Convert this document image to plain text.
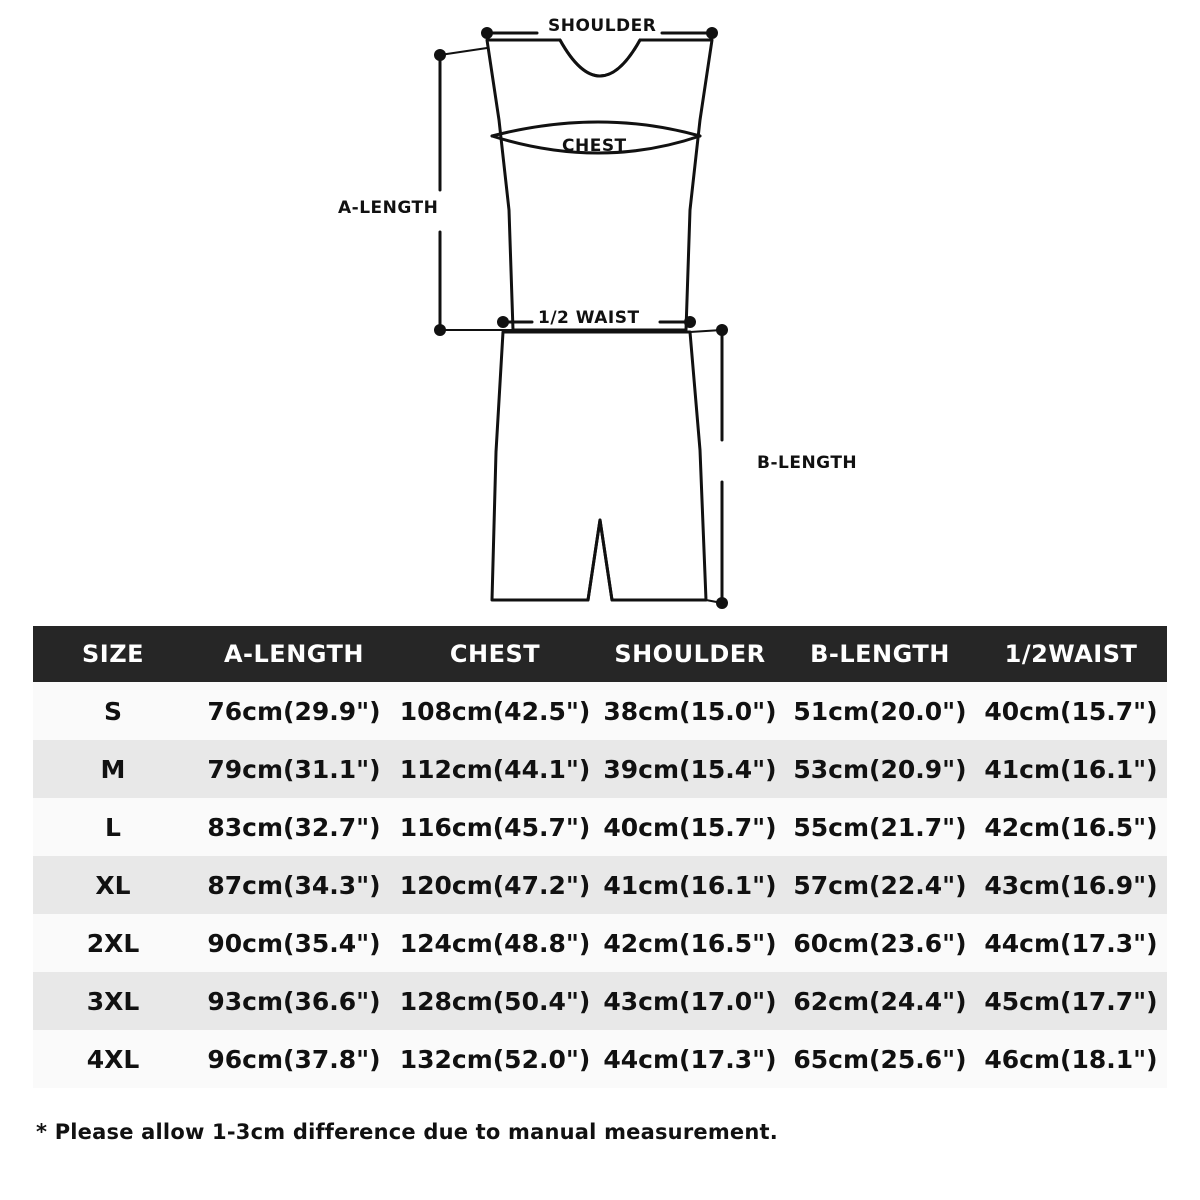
SHOULDER
CHEST
1/2 WAIST
A-LENGTH
B-LENGTH
SIZE	A-LENGTH	CHEST	SHOULDER	B-LENGTH	1/2WAIST
S	76cm(29.9")	108cm(42.5")	38cm(15.0")	51cm(20.0")	40cm(15.7")
M	79cm(31.1")	112cm(44.1")	39cm(15.4")	53cm(20.9")	41cm(16.1")
L	83cm(32.7")	116cm(45.7")	40cm(15.7")	55cm(21.7")	42cm(16.5")
XL	87cm(34.3")	120cm(47.2")	41cm(16.1")	57cm(22.4")	43cm(16.9")
2XL	90cm(35.4")	124cm(48.8")	42cm(16.5")	60cm(23.6")	44cm(17.3")
3XL	93cm(36.6")	128cm(50.4")	43cm(17.0")	62cm(24.4")	45cm(17.7")
4XL	96cm(37.8")	132cm(52.0")	44cm(17.3")	65cm(25.6")	46cm(18.1")
* Please allow 1-3cm difference due to manual measurement.
